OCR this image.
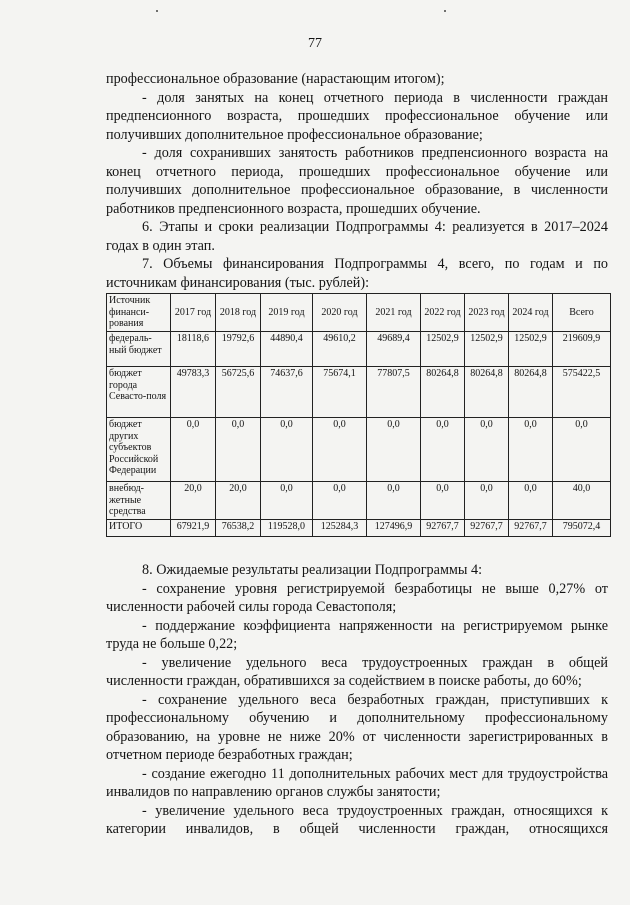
77

профессиональное образование (нарастающим итогом);

- доля занятых на конец отчетного периода в численности граждан предпенсионного возраста, прошедших профессиональное обучение или получивших дополнительное профессиональное образование;

- доля сохранивших занятость работников предпенсионного возраста на конец отчетного периода, прошедших профессиональное обучение или получивших дополнительное профессиональное образование, в численности работников предпенсионного возраста, прошедших обучение.

6. Этапы и сроки реализации Подпрограммы 4: реализуется в 2017–2024 годах в один этап.

7. Объемы финансирования Подпрограммы 4, всего, по годам и по источникам финансирования (тыс. рублей):

Источник финанси-рования	2017 год	2018 год	2019 год	2020 год	2021 год	2022 год	2023 год	2024 год	Всего
федераль-ный бюджет	18118,6	19792,6	44890,4	49610,2	49689,4	12502,9	12502,9	12502,9	219609,9
бюджет города Севасто-поля	49783,3	56725,6	74637,6	75674,1	77807,5	80264,8	80264,8	80264,8	575422,5
бюджет других субъектов Российской Федерации	0,0	0,0	0,0	0,0	0,0	0,0	0,0	0,0	0,0
внебюд-жетные средства	20,0	20,0	0,0	0,0	0,0	0,0	0,0	0,0	40,0
ИТОГО	67921,9	76538,2	119528,0	125284,3	127496,9	92767,7	92767,7	92767,7	795072,4

8. Ожидаемые результаты реализации Подпрограммы 4:

- сохранение уровня регистрируемой безработицы не выше 0,27% от численности рабочей силы города Севастополя;

- поддержание коэффициента напряженности на регистрируемом рынке труда не больше 0,22;

- увеличение удельного веса трудоустроенных граждан в общей численности граждан, обратившихся за содействием в поиске работы, до 60%;

- сохранение удельного веса безработных граждан, приступивших к профессиональному обучению и дополнительному профессиональному образованию, на уровне не ниже 20% от численности зарегистрированных в отчетном периоде безработных граждан;

- создание ежегодно 11 дополнительных рабочих мест для трудоустройства инвалидов по направлению органов службы занятости;

- увеличение удельного веса трудоустроенных граждан, относящихся к категории инвалидов, в общей численности граждан, относящихся
